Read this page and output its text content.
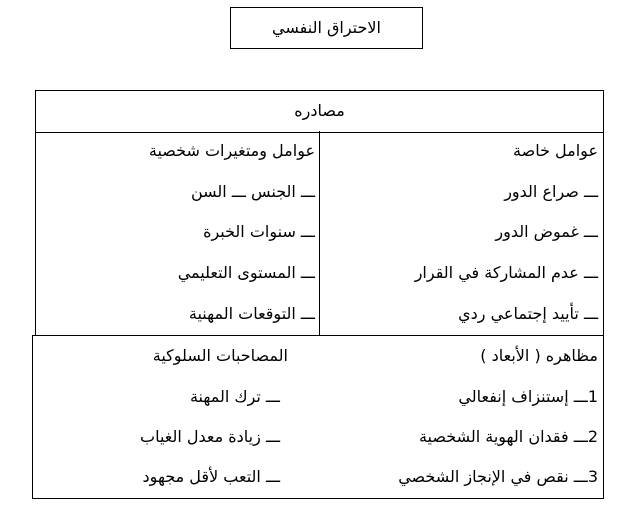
الاحتراق النفسي
مصادره
عوامل خاصة
ـــ صراع الدور
ـــ غموض الدور
ـــ عدم المشاركة في القرار
ـــ تأييد إجتماعي ردي
عوامل ومتغيرات شخصية
ـــ الجنس ـــ السن
ـــ سنوات الخبرة
ـــ المستوى التعليمي
ـــ التوقعات المهنية
مظاهره ( الأبعاد )
1ـــ إستنزاف إنفعالي
2ـــ فقدان الهوية الشخصية
3ـــ نقص في الإنجاز الشخصي
المصاحبات السلوكية
ـــ ترك المهنة
ـــ زيادة معدل الغياب
ـــ التعب لأقل مجهود
